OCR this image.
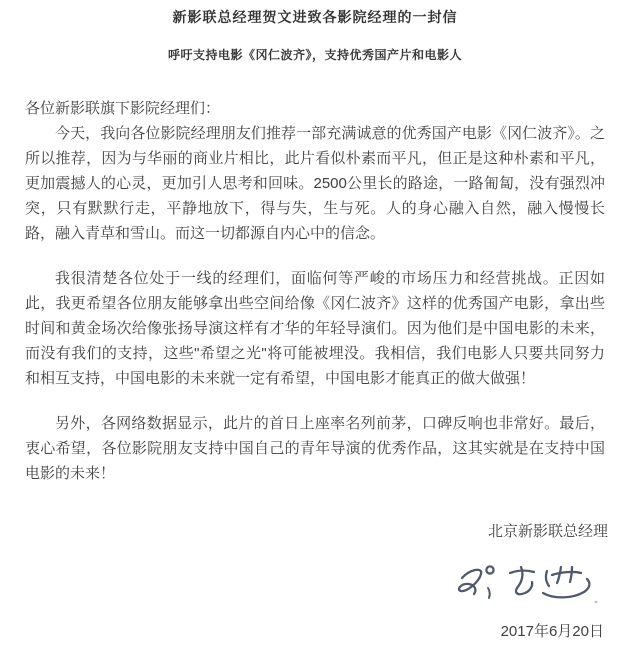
新影联总经理贺文进致各影院经理的一封信
呼吁支持电影《冈仁波齐》，支持优秀国产片和电影人

各位新影联旗下影院经理们：

今天，我向各位影院经理朋友们推荐一部充满诚意的优秀国产电影《冈仁波齐》。之所以推荐，因为与华丽的商业片相比，此片看似朴素而平凡，但正是这种朴素和平凡，更加震撼人的心灵，更加引人思考和回味。2500公里长的路途，一路匍匐，没有强烈冲突，只有默默行走，平静地放下，得与失，生与死。人的身心融入自然，融入慢慢长路，融入青草和雪山。而这一切都源自内心中的信念。

我很清楚各位处于一线的经理们，面临何等严峻的市场压力和经营挑战。正因如此，我更希望各位朋友能够拿出些空间给像《冈仁波齐》这样的优秀国产电影，拿出些时间和黄金场次给像张扬导演这样有才华的年轻导演们。因为他们是中国电影的未来，而没有我们的支持，这些"希望之光"将可能被埋没。我相信，我们电影人只要共同努力和相互支持，中国电影的未来就一定有希望，中国电影才能真正的做大做强！

另外，各网络数据显示，此片的首日上座率名列前茅，口碑反响也非常好。最后，衷心希望，各位影院朋友支持中国自己的青年导演的优秀作品，这其实就是在支持中国电影的未来！

北京新影联总经理
2017年6月20日
